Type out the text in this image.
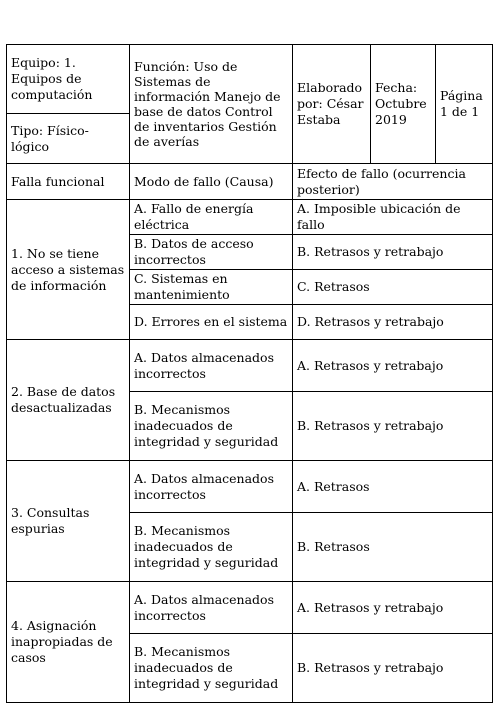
Equipo: 1. Equipos de computación	Función: Uso de Sistemas de información Manejo de base de datos Control de inventarios Gestión de averías	Elaborado por: César Estaba	Fecha: Octubre 2019	Página 1 de 1
Tipo: Físico-lógico				
Falla funcional	Modo de fallo (Causa)	Efecto de fallo (ocurrencia posterior)		
1. No se tiene acceso a sistemas de información	A. Fallo de energía eléctrica	A. Imposible ubicación de fallo		
	B. Datos de acceso incorrectos	B. Retrasos y retrabajo		
	C. Sistemas en mantenimiento	C. Retrasos		
	D. Errores en el sistema	D. Retrasos y retrabajo		
2. Base de datos desactualizadas	A. Datos almacenados incorrectos	A. Retrasos y retrabajo		
	B. Mecanismos inadecuados de integridad y seguridad	B. Retrasos y retrabajo		
3. Consultas espurias	A. Datos almacenados incorrectos	A. Retrasos		
	B. Mecanismos inadecuados de integridad y seguridad	B. Retrasos		
4. Asignación inapropiadas de casos	A. Datos almacenados incorrectos	A. Retrasos y retrabajo		
	B. Mecanismos inadecuados de integridad y seguridad	B. Retrasos y retrabajo		
